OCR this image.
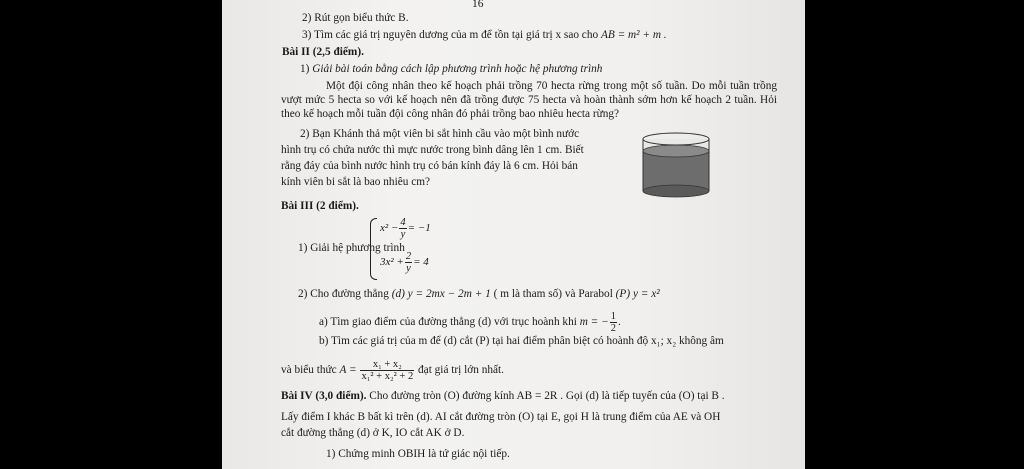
16
2) Rút gọn biểu thức B.
3) Tìm các giá trị nguyên dương của m để tồn tại giá trị x sao cho AB = m² + m .
Bài II (2,5 điểm).
1) Giải bài toán bằng cách lập phương trình hoặc hệ phương trình
Một đội công nhân theo kế hoạch phải trồng 70 hecta rừng trong một số tuần. Do mỗi tuần trồng vượt mức 5 hecta so với kế hoạch nên đã trồng được 75 hecta và hoàn thành sớm hơn kế hoạch 2 tuần. Hỏi theo kế hoạch mỗi tuần đội công nhân đó phải trồng bao nhiêu hecta rừng?
2) Bạn Khánh thả một viên bi sắt hình cầu vào một bình nước
hình trụ có chứa nước thì mực nước trong bình dâng lên 1 cm. Biết
rằng đáy của bình nước hình trụ có bán kính đáy là 6 cm. Hỏi bán
kính viên bi sắt là bao nhiêu cm?
Bài III (2 điểm).
1) Giải hệ phương trình
$x^2 - \frac{4}{y} = -1$
$3x^2 + \frac{2}{y} = 4$
2) Cho đường thẳng (d) y = 2mx − 2m + 1 ( m là tham số) và Parabol (P) y = x²
a) Tìm giao điểm của đường thẳng (d) với trục hoành khi m = − $\frac{1}{2}$ .
b) Tìm các giá trị của m để (d) cắt (P) tại hai điểm phân biệt có hoành độ x₁; x₂ không âm
và biểu thức $A = \frac{\text{x₁ + x₂}}{\text{x₁² + x₂² + 2}}$ đạt giá trị lớn nhất.
Bài IV (3,0 điểm). Cho đường tròn (O) đường kính AB = 2R . Gọi (d) là tiếp tuyến của (O) tại B .
Lấy điểm I khác B bất kì trên (d). AI cắt đường tròn (O) tại E, gọi H là trung điểm của AE và OH
cắt đường thẳng (d) ở K, IO cắt AK ở D.
1) Chứng minh OBIH là tứ giác nội tiếp.
